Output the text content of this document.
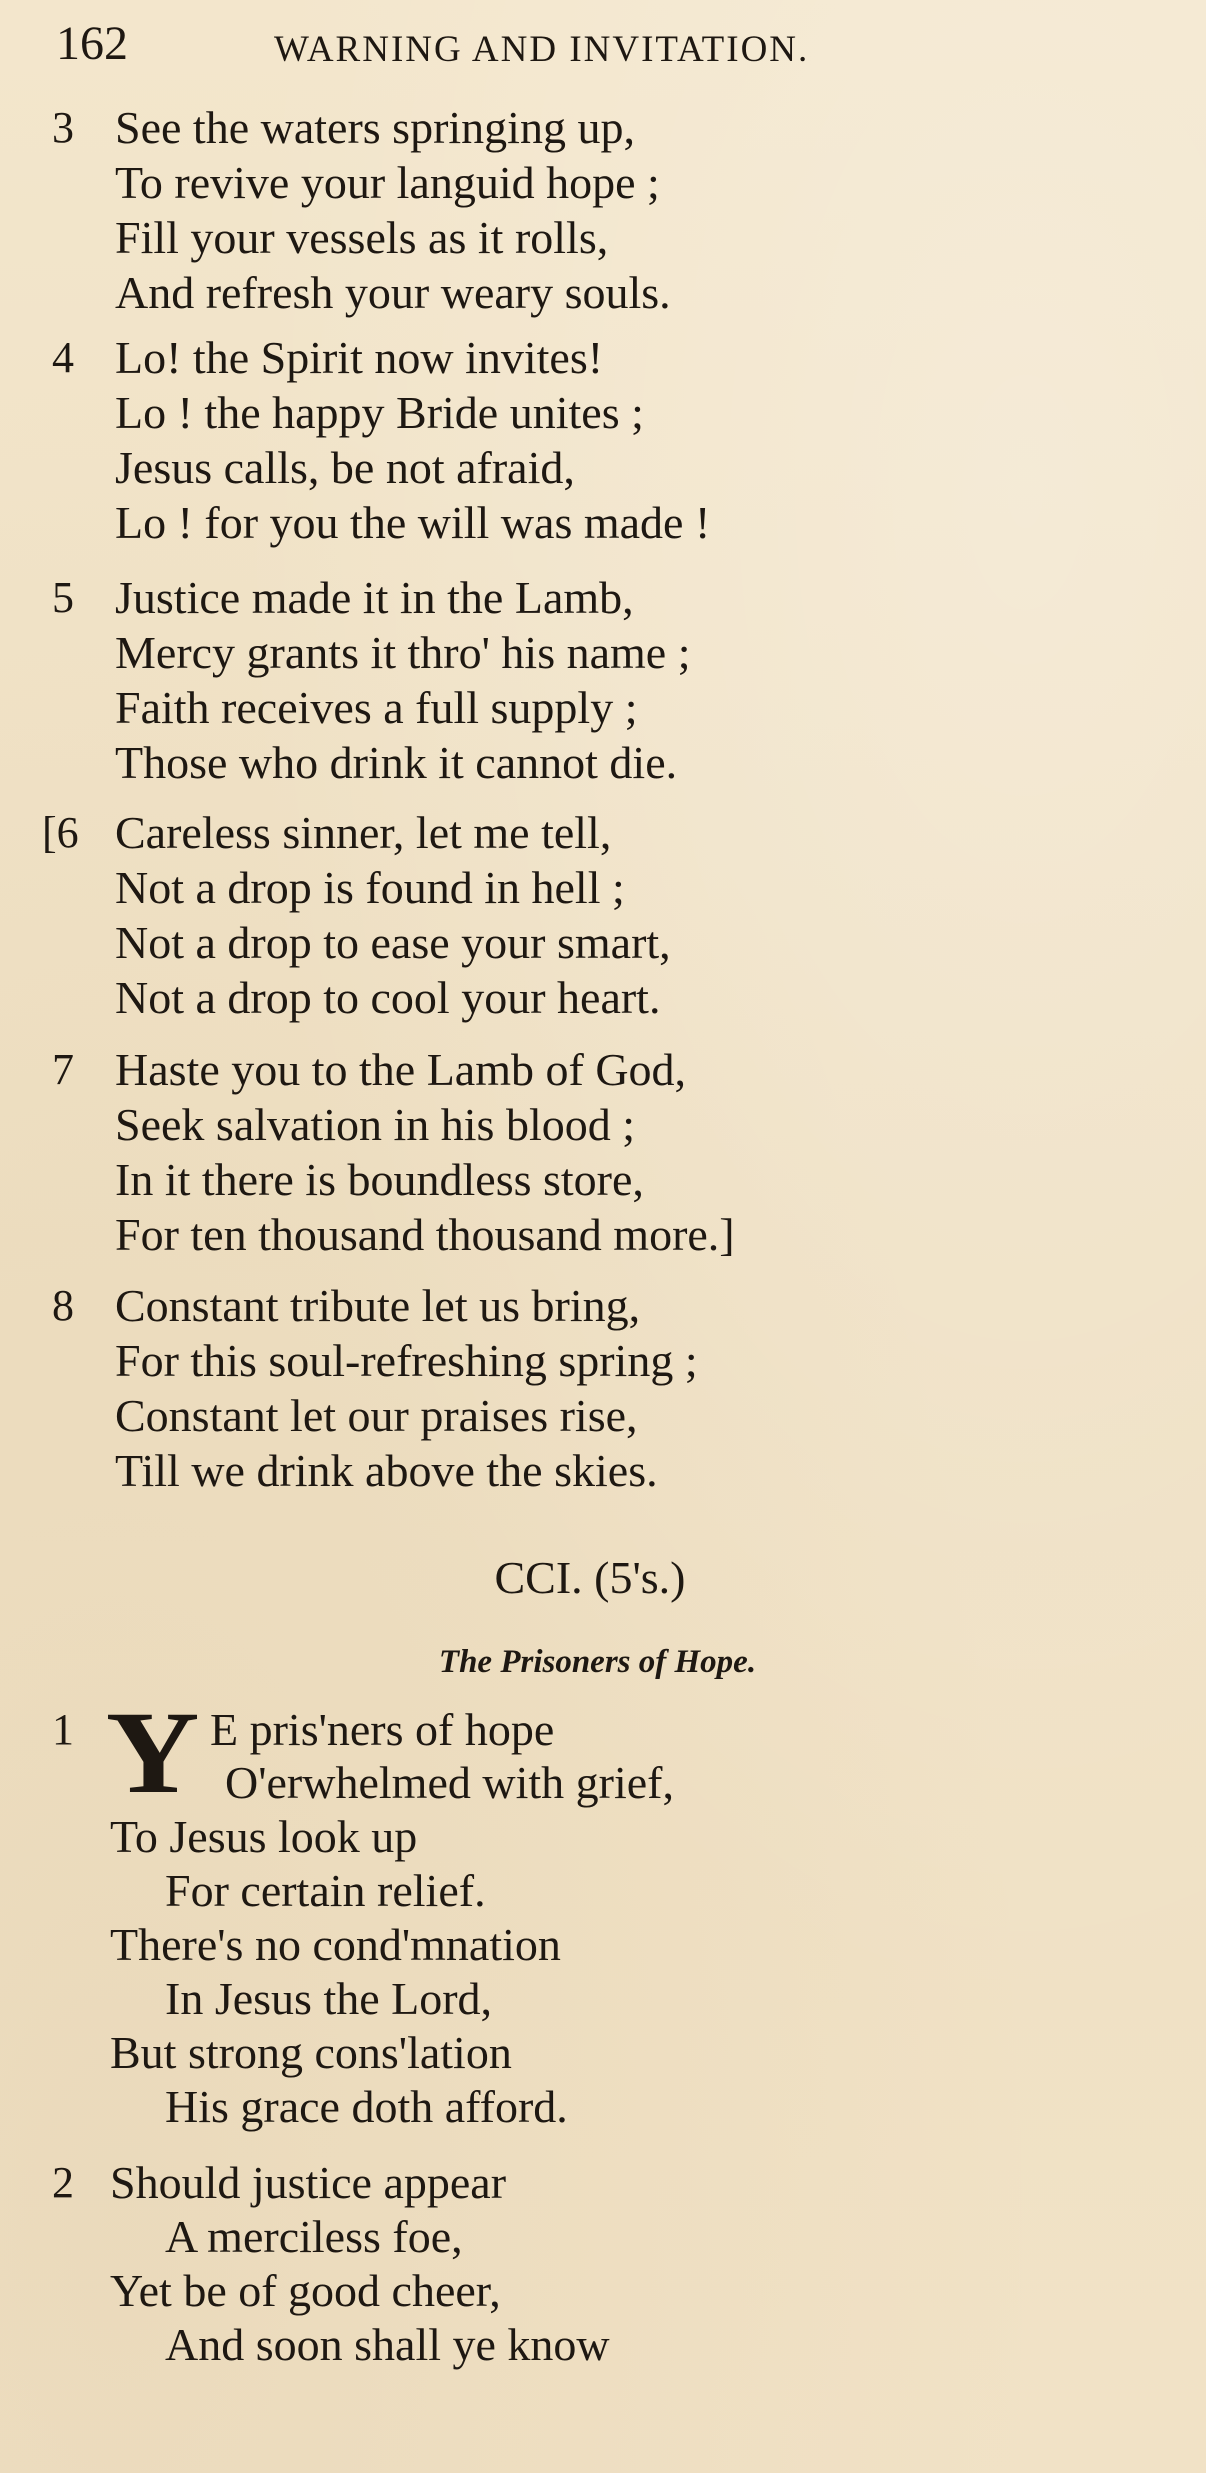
162	WARNING AND INVITATION.
3 See the waters springing up,
To revive your languid hope ;
Fill your vessels as it rolls,
And refresh your weary souls.
4 Lo! the Spirit now invites!
Lo ! the happy Bride unites ;
Jesus calls, be not afraid,
Lo ! for you the will was made !
5 Justice made it in the Lamb,
Mercy grants it thro' his name ;
Faith receives a full supply ;
Those who drink it cannot die.
[6 Careless sinner, let me tell,
Not a drop is found in hell ;
Not a drop to ease your smart,
Not a drop to cool your heart.
7 Haste you to the Lamb of God,
Seek salvation in his blood ;
In it there is boundless store,
For ten thousand thousand more.]
8 Constant tribute let us bring,
For this soul-refreshing spring ;
Constant let our praises rise,
Till we drink above the skies.
CCI. (5's.)
The Prisoners of Hope.
1	E pris'ners of hope
O'erwhelmed with grief,
To Jesus look up
For certain relief.
There's no cond'mnation
In Jesus the Lord,
But strong cons'lation
His grace doth afford.
Y
2 Should justice appear
A merciless foe,
Yet be of good cheer,
And soon shall ye know
